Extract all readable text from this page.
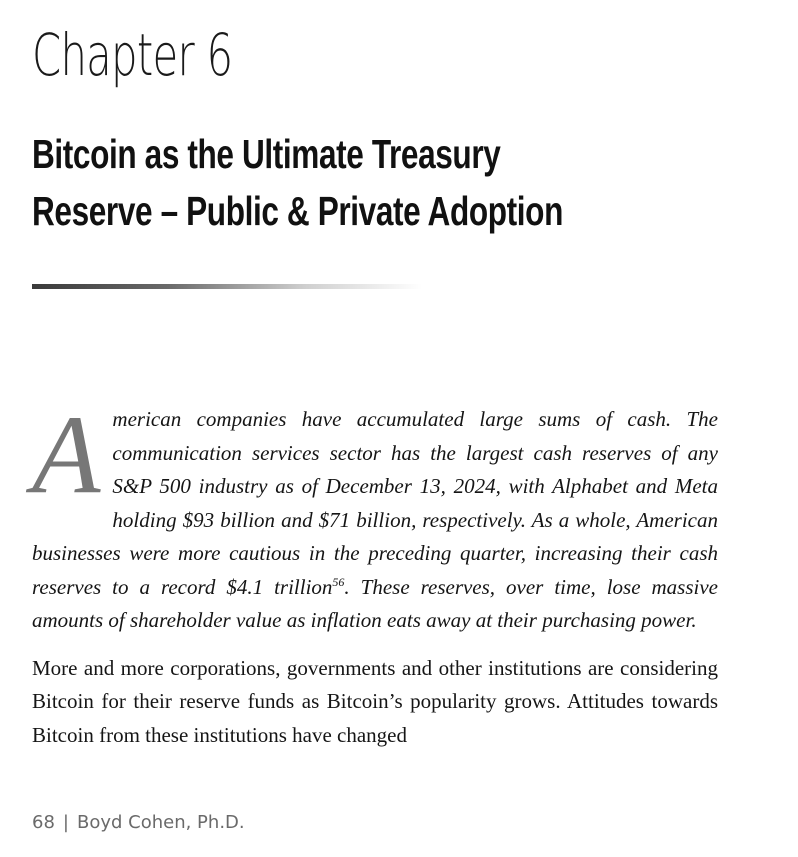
Chapter 6
Bitcoin as the Ultimate Treasury
Reserve – Public & Private Adoption

American companies have accumulated large sums of cash. The communication services sector has the largest cash reserves of any S&P 500 industry as of December 13, 2024, with Alphabet and Meta holding $93 billion and $71 billion, respectively. As a whole, American businesses were more cautious in the preceding quarter, increasing their cash reserves to a record $4.1 trillion$^{56}$. These reserves, over time, lose massive amounts of shareholder value as inflation eats away at their purchasing power.

More and more corporations, governments and other institutions are considering Bitcoin for their reserve funds as Bitcoin’s popularity grows. Attitudes towards Bitcoin from these institutions have changed

68 | Boyd Cohen, Ph.D.
